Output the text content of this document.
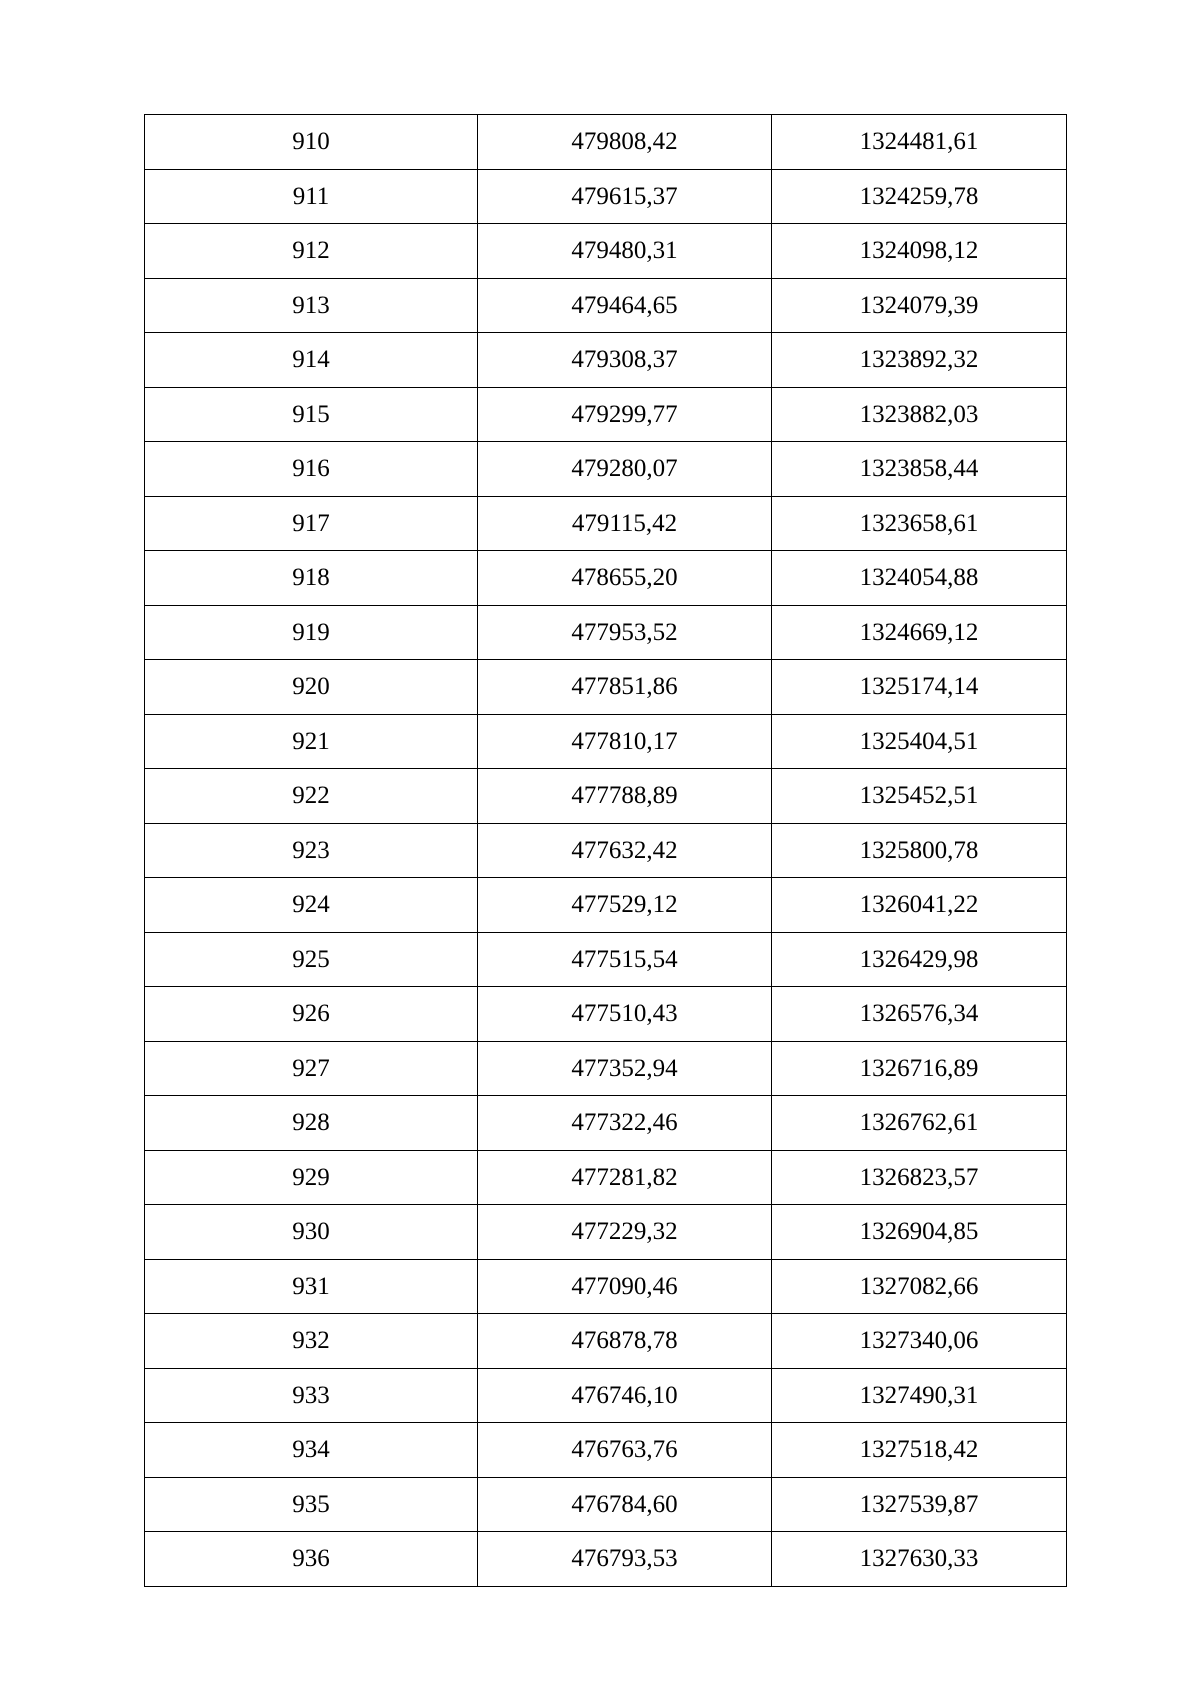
910	479808,42	1324481,61
911	479615,37	1324259,78
912	479480,31	1324098,12
913	479464,65	1324079,39
914	479308,37	1323892,32
915	479299,77	1323882,03
916	479280,07	1323858,44
917	479115,42	1323658,61
918	478655,20	1324054,88
919	477953,52	1324669,12
920	477851,86	1325174,14
921	477810,17	1325404,51
922	477788,89	1325452,51
923	477632,42	1325800,78
924	477529,12	1326041,22
925	477515,54	1326429,98
926	477510,43	1326576,34
927	477352,94	1326716,89
928	477322,46	1326762,61
929	477281,82	1326823,57
930	477229,32	1326904,85
931	477090,46	1327082,66
932	476878,78	1327340,06
933	476746,10	1327490,31
934	476763,76	1327518,42
935	476784,60	1327539,87
936	476793,53	1327630,33
